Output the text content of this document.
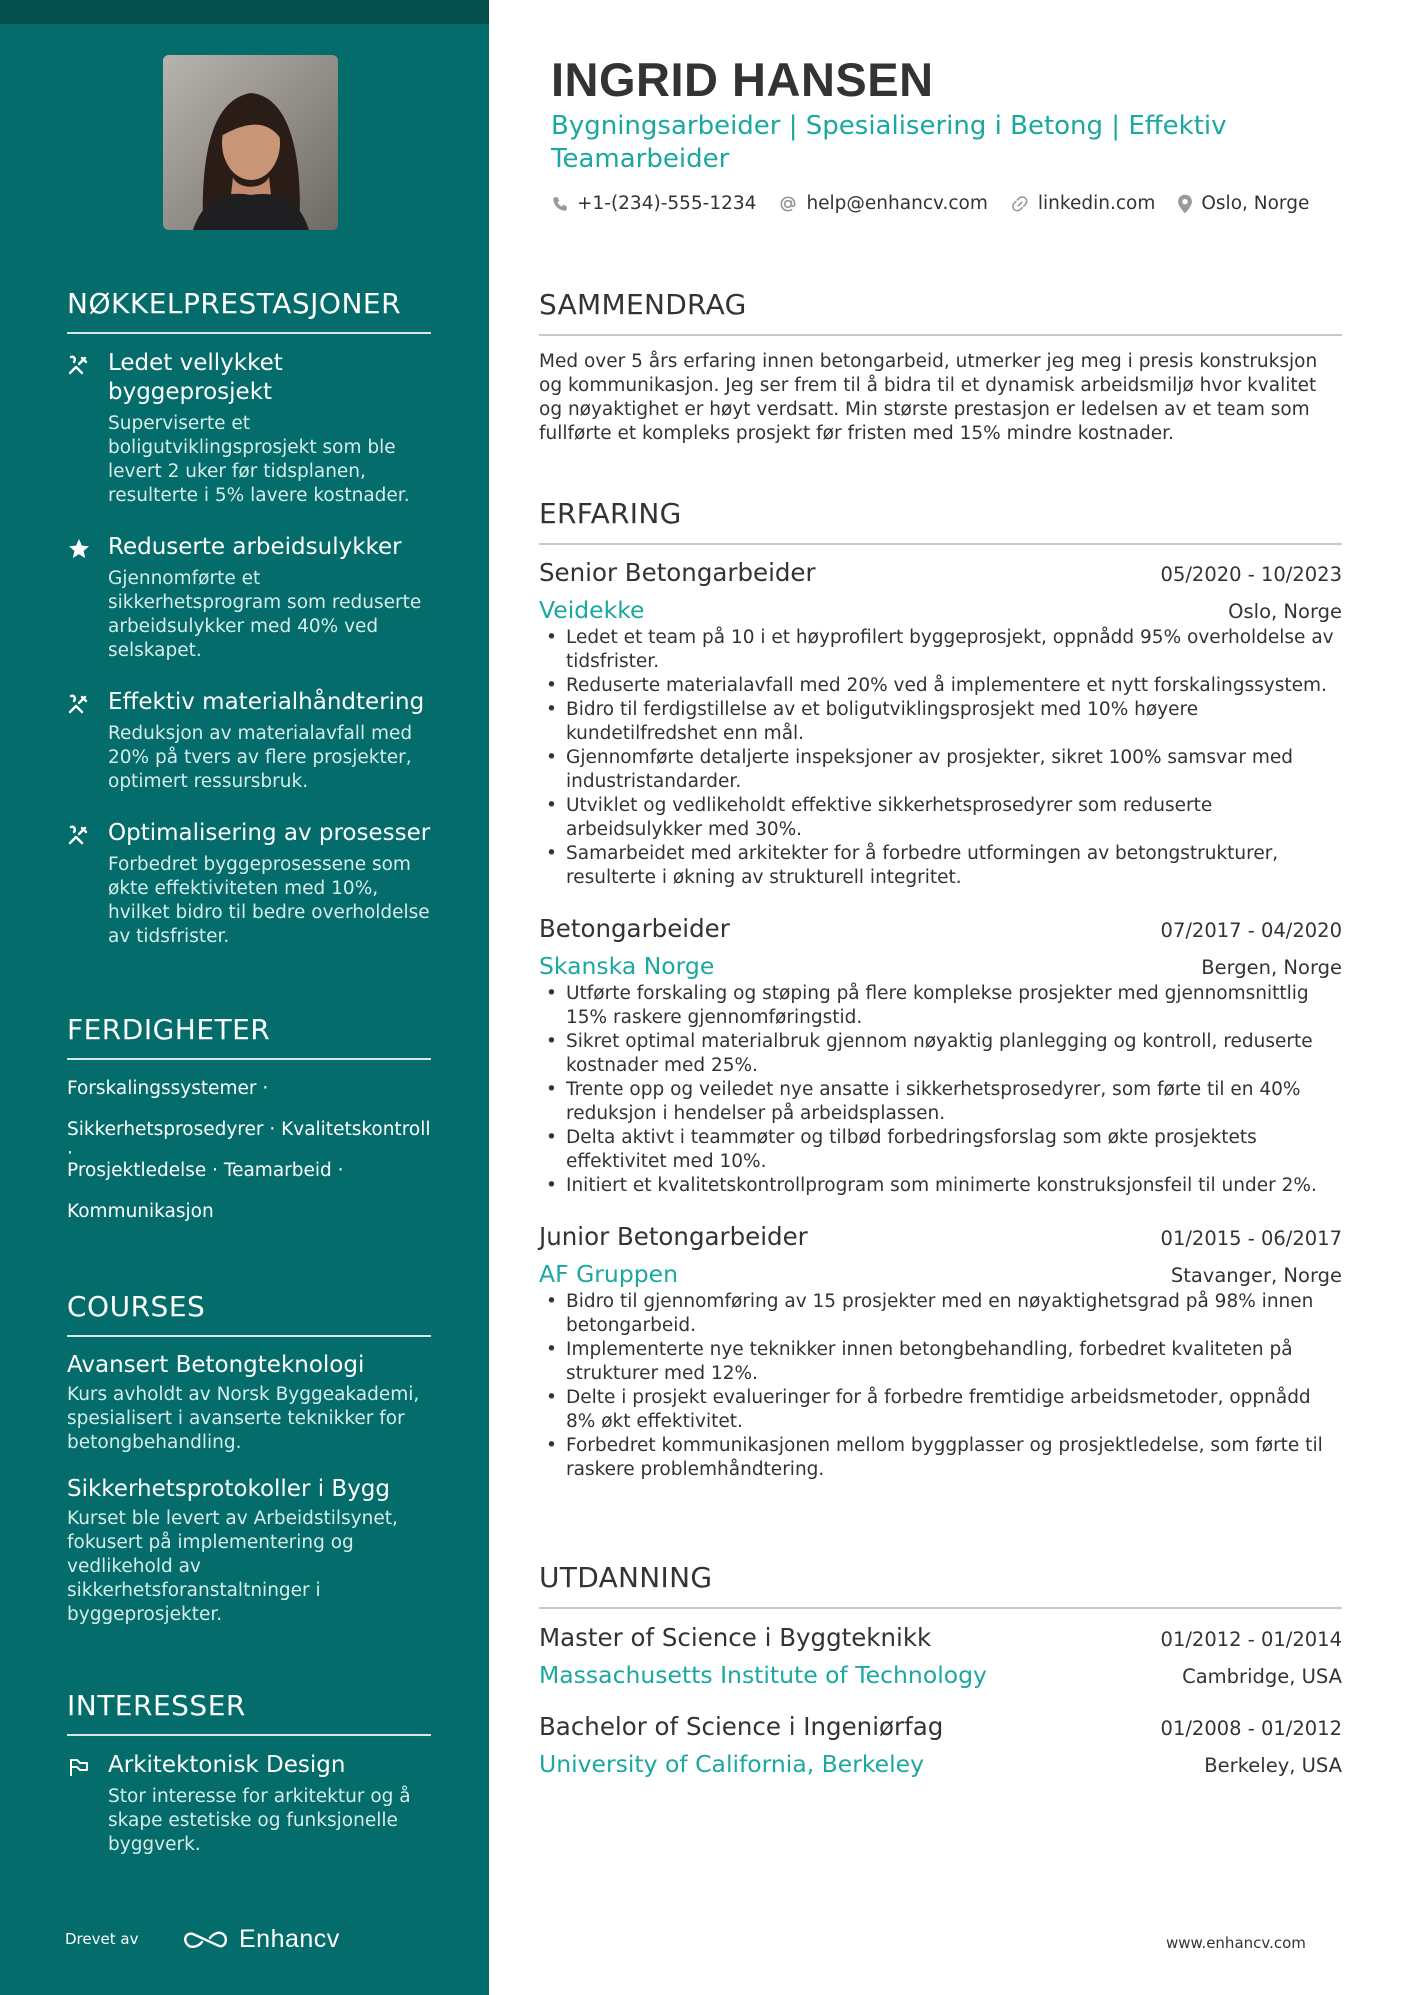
NØKKELPRESTASJONER
Ledet vellykket byggeprosjekt
Superviserte et boligutviklingsprosjekt som ble levert 2 uker før tidsplanen, resulterte i 5% lavere kostnader.
Reduserte arbeidsulykker
Gjennomførte et sikkerhetsprogram som reduserte arbeidsulykker med 40% ved selskapet.
Effektiv materialhåndtering
Reduksjon av materialavfall med 20% på tvers av flere prosjekter, optimert ressursbruk.
Optimalisering av prosesser
Forbedret byggeprosessene som økte effektiviteten med 10%, hvilket bidro til bedre overholdelse av tidsfrister.
FERDIGHETER
Forskalingssystemer ·
Sikkerhetsprosedyrer · Kvalitetskontroll ·
Prosjektledelse · Teamarbeid ·
Kommunikasjon
COURSES
Avansert Betongteknologi
Kurs avholdt av Norsk Byggeakademi, spesialisert i avanserte teknikker for betongbehandling.
Sikkerhetsprotokoller i Bygg
Kurset ble levert av Arbeidstilsynet, fokusert på implementering og vedlikehold av sikkerhetsforanstaltninger i byggeprosjekter.
INTERESSER
Arkitektonisk Design
Stor interesse for arkitektur og å skape estetiske og funksjonelle byggverk.
Drevet av	Enhancv
INGRID HANSEN
Bygningsarbeider | Spesialisering i Betong | Effektiv Teamarbeider
+1-(234)-555-1234	help@enhancv.com	linkedin.com Oslo, Norge
SAMMENDRAG
Med over 5 års erfaring innen betongarbeid, utmerker jeg meg i presis konstruksjon og kommunikasjon. Jeg ser frem til å bidra til et dynamisk arbeidsmiljø hvor kvalitet og nøyaktighet er høyt verdsatt. Min største prestasjon er ledelsen av et team som fullførte et kompleks prosjekt før fristen med 15% mindre kostnader.
ERFARING
Senior Betongarbeider	05/2020 - 10/2023
Veidekke	Oslo, Norge
• Ledet et team på 10 i et høyprofilert byggeprosjekt, oppnådd 95% overholdelse av tidsfrister.
• Reduserte materialavfall med 20% ved å implementere et nytt forskalingssystem.
• Bidro til ferdigstillelse av et boligutviklingsprosjekt med 10% høyere kundetilfredshet enn mål.
• Gjennomførte detaljerte inspeksjoner av prosjekter, sikret 100% samsvar med industristandarder.
• Utviklet og vedlikeholdt effektive sikkerhetsprosedyrer som reduserte arbeidsulykker med 30%.
• Samarbeidet med arkitekter for å forbedre utformingen av betongstrukturer, resulterte i økning av strukturell integritet.
Betongarbeider	07/2017 - 04/2020
Skanska Norge	Bergen, Norge
• Utførte forskaling og støping på flere komplekse prosjekter med gjennomsnittlig 15% raskere gjennomføringstid.
• Sikret optimal materialbruk gjennom nøyaktig planlegging og kontroll, reduserte kostnader med 25%.
• Trente opp og veiledet nye ansatte i sikkerhetsprosedyrer, som førte til en 40% reduksjon i hendelser på arbeidsplassen.
• Delta aktivt i teammøter og tilbød forbedringsforslag som økte prosjektets effektivitet med 10%.
• Initiert et kvalitetskontrollprogram som minimerte konstruksjonsfeil til under 2%.
Junior Betongarbeider	01/2015 - 06/2017
AF Gruppen	Stavanger, Norge
• Bidro til gjennomføring av 15 prosjekter med en nøyaktighetsgrad på 98% innen betongarbeid.
• Implementerte nye teknikker innen betongbehandling, forbedret kvaliteten på strukturer med 12%.
• Delte i prosjekt evalueringer for å forbedre fremtidige arbeidsmetoder, oppnådd 8% økt effektivitet.
• Forbedret kommunikasjonen mellom byggplasser og prosjektledelse, som førte til raskere problemhåndtering.
UTDANNING
Master of Science i Byggteknikk	01/2012 - 01/2014
Massachusetts Institute of Technology	Cambridge, USA
Bachelor of Science i Ingeniørfag	01/2008 - 01/2012
University of California, Berkeley	Berkeley, USA
www.enhancv.com
